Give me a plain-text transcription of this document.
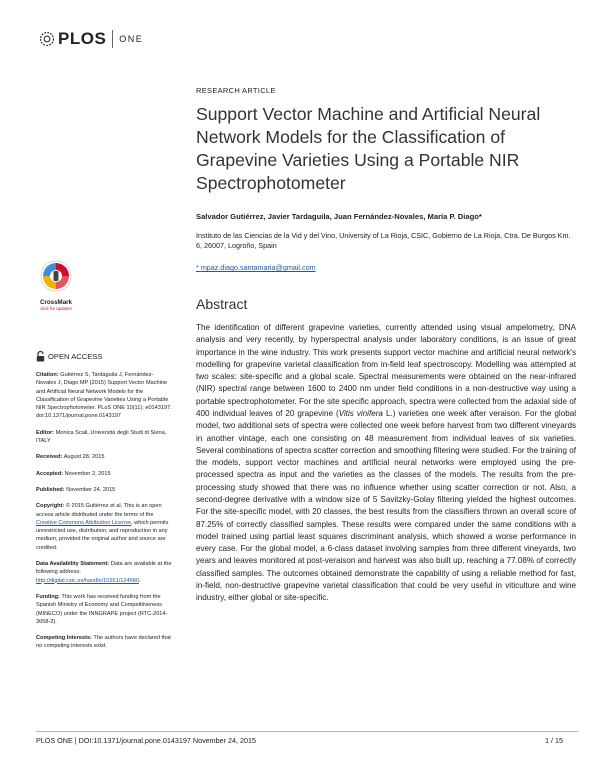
PLOS ONE
RESEARCH ARTICLE
Support Vector Machine and Artificial Neural Network Models for the Classification of Grapevine Varieties Using a Portable NIR Spectrophotometer
Salvador Gutiérrez, Javier Tardaguila, Juan Fernández-Novales, María P. Diago*
Instituto de las Ciencias de la Vid y del Vino, University of La Rioja, CSIC, Gobierno de La Rioja, Ctra. De Burgos Km. 6, 26007, Logroño, Spain
* mpaz.diago.santamaria@gmail.com
CrossMark
click for updates
OPEN ACCESS
Citation: Gutiérrez S, Tardaguila J, Fernández-Novales J, Diago MP (2015) Support Vector Machine and Artificial Neural Network Models for the Classification of Grapevine Varieties Using a Portable NIR Spectrophotometer. PLoS ONE 10(11): e0143197. doi:10.1371/journal.pone.0143197
Editor: Monica Scali, Università degli Studi di Siena, ITALY
Received: August 28, 2015
Accepted: November 2, 2015
Published: November 24, 2015
Copyright: © 2015 Gutiérrez et al. This is an open access article distributed under the terms of the Creative Commons Attribution License, which permits unrestricted use, distribution, and reproduction in any medium, provided the original author and source are credited.
Data Availability Statement: Data are available at the following address: http://digital.csic.es/handle/10261/124680.
Funding: This work has received funding from the Spanish Ministry of Economy and Competitiveness (MINECO) under the INNGRAPE project (RTC-2014-3058-2).
Competing Interests: The authors have declared that no competing interests exist.
Abstract
The identification of different grapevine varieties, currently attended using visual ampelometry, DNA analysis and very recently, by hyperspectral analysis under laboratory conditions, is an issue of great importance in the wine industry. This work presents support vector machine and artificial neural network's modelling for grapevine varietal classification from in-field leaf spectroscopy. Modelling was attempted at two scales: site-specific and a global scale. Spectral measurements were obtained on the near-infrared (NIR) spectral range between 1600 to 2400 nm under field conditions in a non-destructive way using a portable spectrophotometer. For the site specific approach, spectra were collected from the adaxial side of 400 individual leaves of 20 grapevine (Vitis vinifera L.) varieties one week after veraison. For the global model, two additional sets of spectra were collected one week before harvest from two different vineyards in another vintage, each one consisting on 48 measurement from individual leaves of six varieties. Several combinations of spectra scatter correction and smoothing filtering were studied. For the training of the models, support vector machines and artificial neural networks were employed using the pre-processed spectra as input and the varieties as the classes of the models. The results from the pre-processing study showed that there was no influence whether using scatter correction or not. Also, a second-degree derivative with a window size of 5 Savitzky-Golay filtering yielded the highest outcomes. For the site-specific model, with 20 classes, the best results from the classifiers thrown an overall score of 87.25% of correctly classified samples. These results were compared under the same conditions with a model trained using partial least squares discriminant analysis, which showed a worse performance in every case. For the global model, a 6-class dataset involving samples from three different vineyards, two years and leaves monitored at post-veraison and harvest was also built up, reaching a 77.08% of correctly classified samples. The outcomes obtained demonstrate the capability of using a reliable method for fast, in-field, non-destructive grapevine varietal classification that could be very useful in viticulture and wine industry, either global or site-specific.
PLOS ONE | DOI:10.1371/journal.pone.0143197 November 24, 2015	1 / 15
